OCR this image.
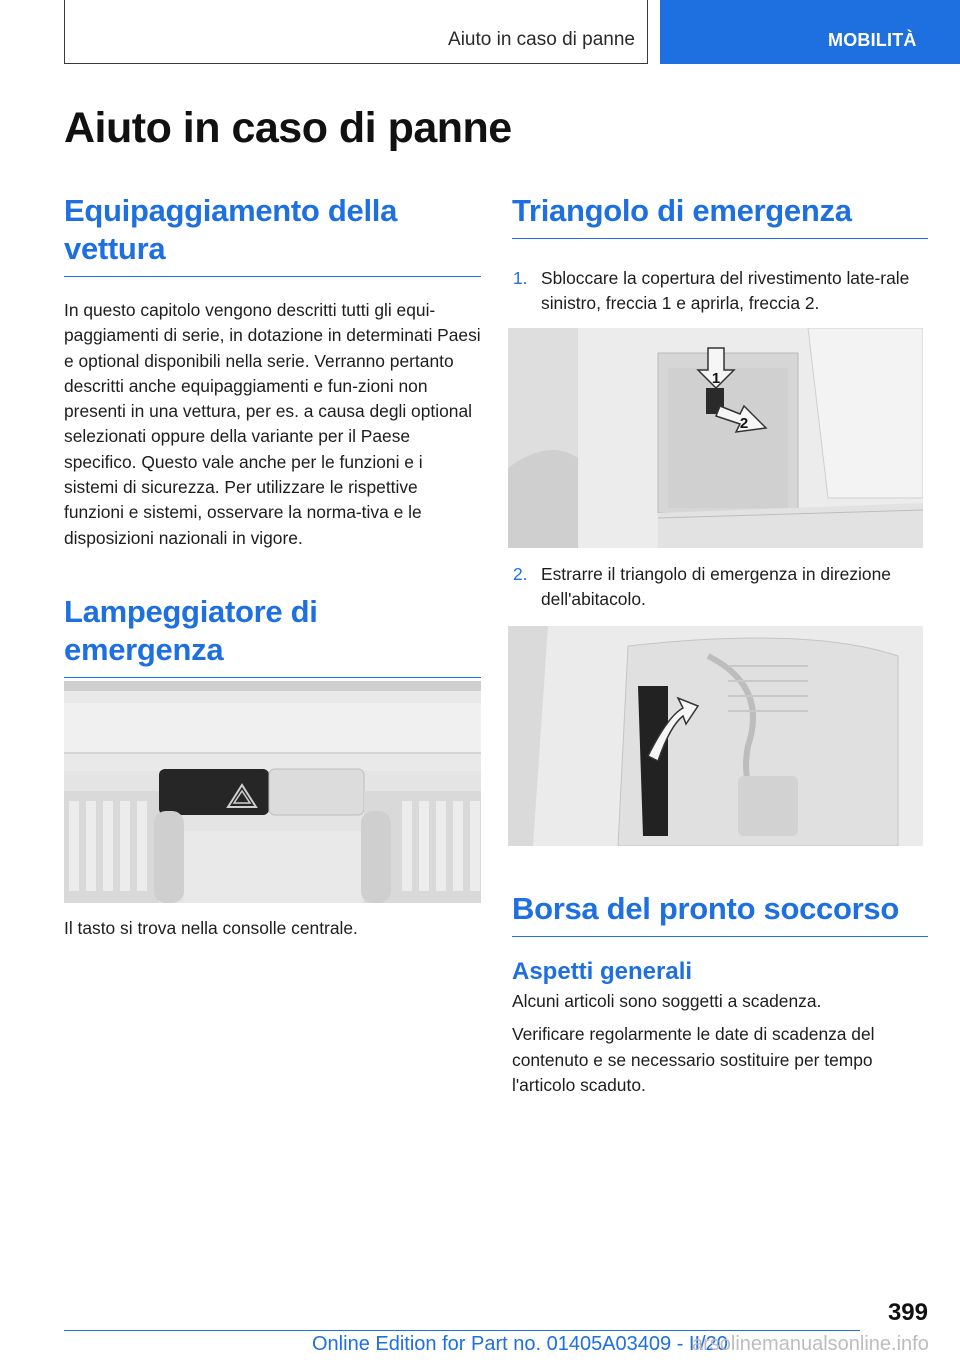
Aiuto in caso di panne	MOBILITÀ
Aiuto in caso di panne
Equipaggiamento della vettura

In questo capitolo vengono descritti tutti gli equi-paggiamenti di serie, in dotazione in determinati Paesi e optional disponibili nella serie. Verranno pertanto descritti anche equipaggiamenti e fun-zioni non presenti in una vettura, per es. a causa degli optional selezionati oppure della variante per il Paese specifico. Questo vale anche per le funzioni e i sistemi di sicurezza. Per utilizzare le rispettive funzioni e sistemi, osservare la norma-tiva e le disposizioni nazionali in vigore.

Lampeggiatore di emergenza

Il tasto si trova nella consolle centrale.

Triangolo di emergenza
1. Sbloccare la copertura del rivestimento late-rale sinistro, freccia 1 e aprirla, freccia 2.
1
2
2. Estrarre il triangolo di emergenza in direzione dell'abitacolo.
Borsa del pronto soccorso
Aspetti generali

Alcuni articoli sono soggetti a scadenza.

Verificare regolarmente le date di scadenza del contenuto e se necessario sostituire per tempo l'articolo scaduto.

399
Online Edition for Part no. 01405A03409 - II/20
arsolinemanualsonline.info
